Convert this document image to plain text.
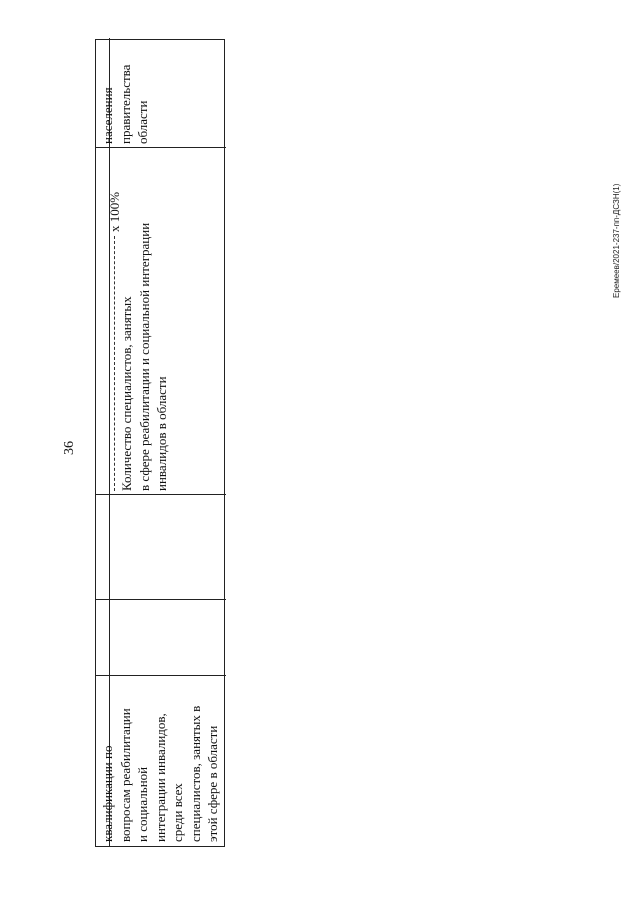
квалификации по
вопросам реабилитации
и социальной
интеграции инвалидов,
среди всех
специалистов, занятых в
этой сфере в области
х 100%
Количество специалистов, занятых
в сфере реабилитации и социальной интеграции
инвалидов в области
населения
правительства
области
36
Еремеев/2021-237-пп-ДСЗН(1)
